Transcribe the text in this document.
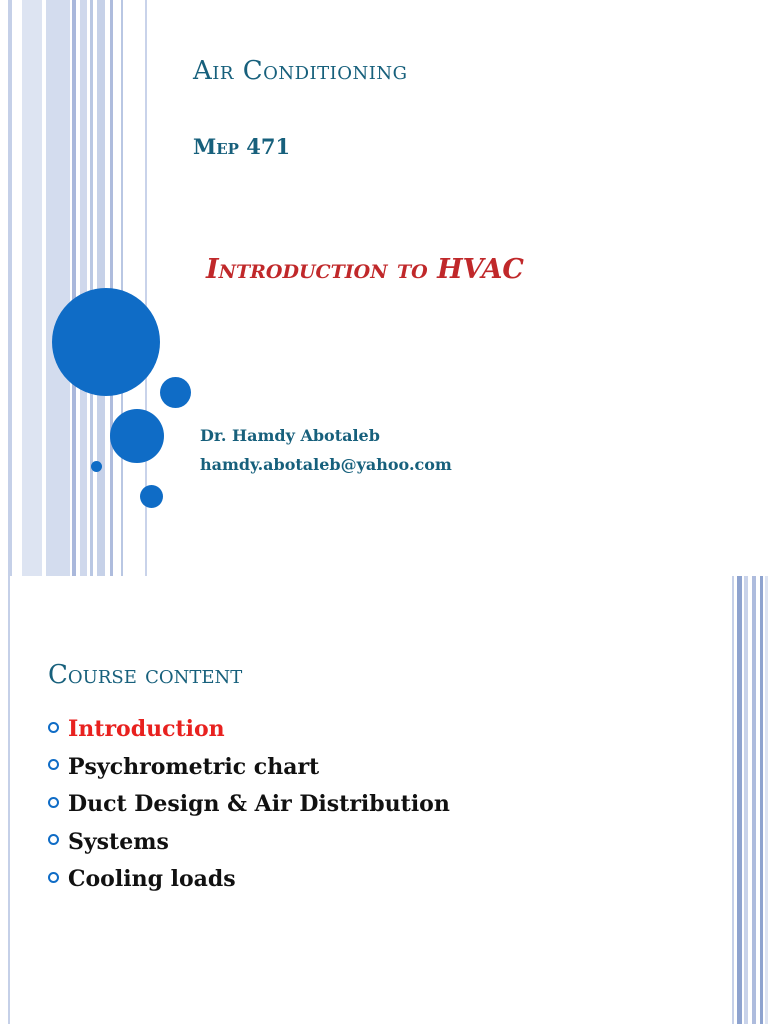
Air Conditioning
Mep 471
Introduction to HVAC
Dr. Hamdy Abotaleb
hamdy.abotaleb@yahoo.com
Course content
Introduction
Psychrometric chart
Duct Design & Air Distribution
Systems
Cooling loads
